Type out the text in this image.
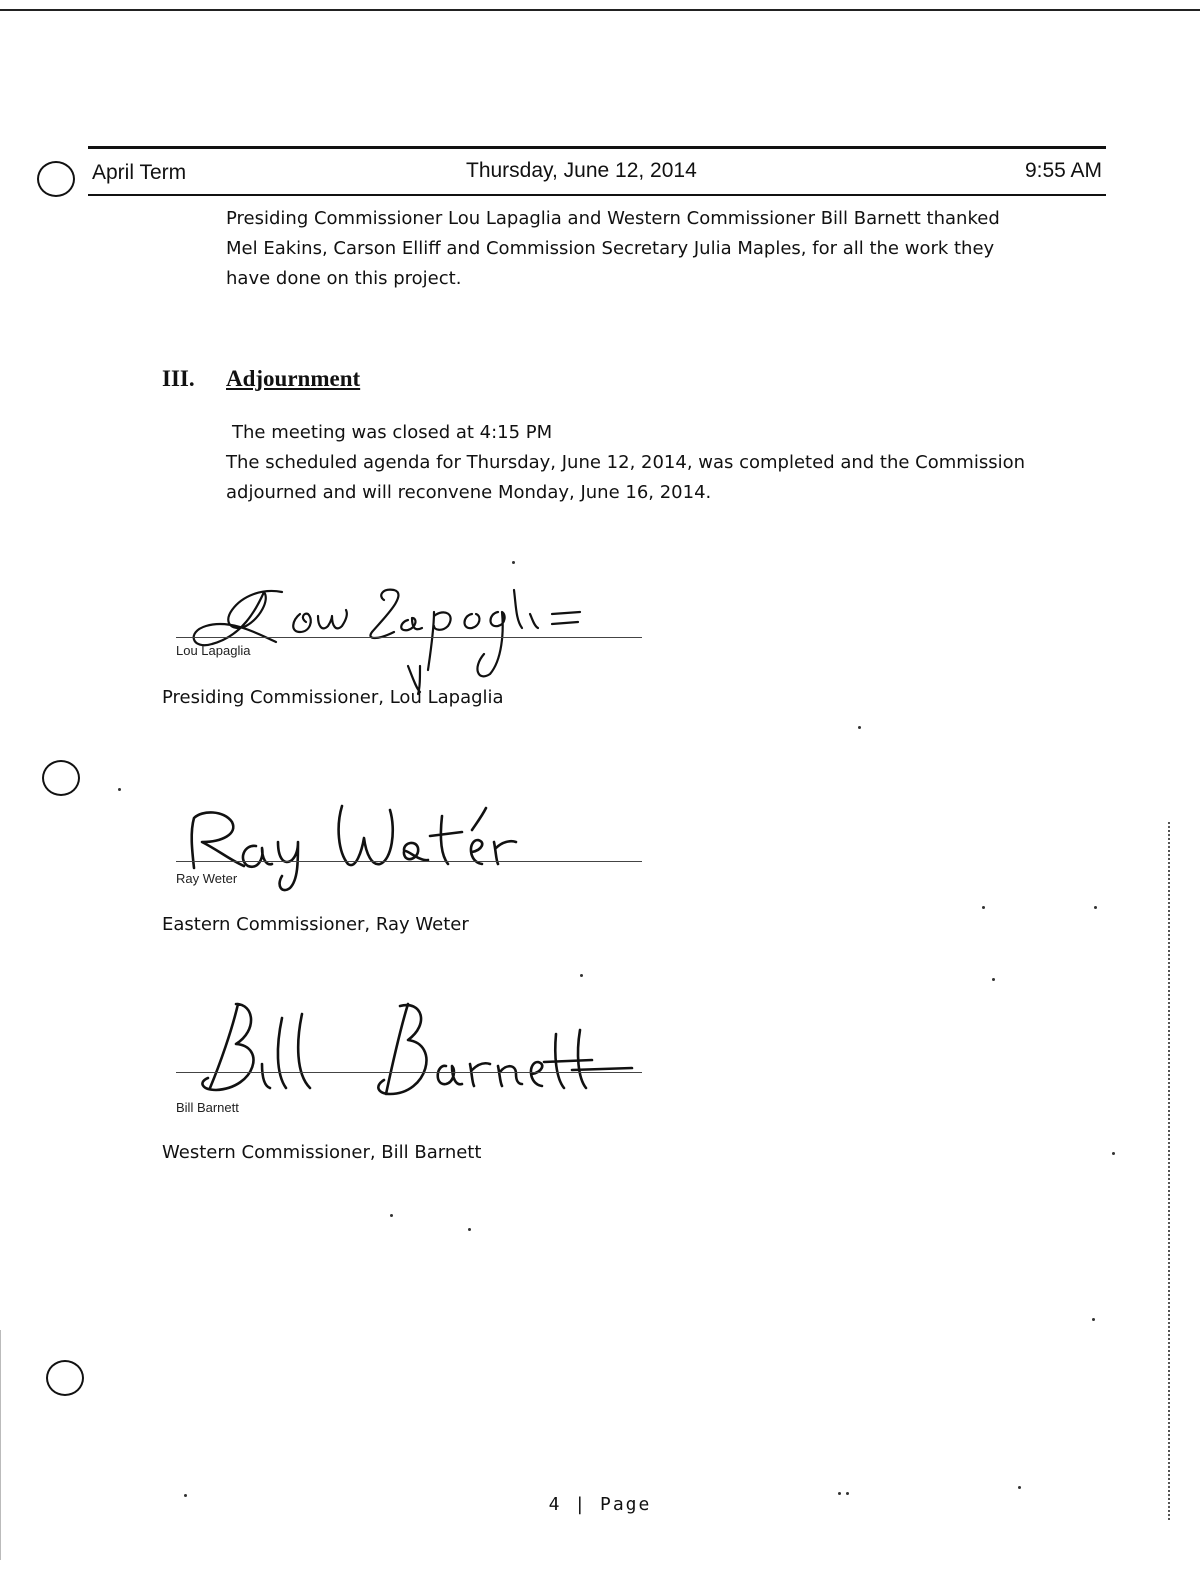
April Term	Thursday, June 12, 2014	9:55 AM
Presiding Commissioner Lou Lapaglia and Western Commissioner Bill Barnett thanked
Mel Eakins, Carson Elliff and Commission Secretary Julia Maples, for all the work they
have done on this project.
III. Adjournment
The meeting was closed at 4:15 PM
The scheduled agenda for Thursday, June 12, 2014, was completed and the Commission
adjourned and will reconvene Monday, June 16, 2014.
Lou Lapaglia
Presiding Commissioner, Lou Lapaglia
Ray Weter
Eastern Commissioner, Ray Weter
Bill Barnett
Western Commissioner, Bill Barnett
4 | Page
